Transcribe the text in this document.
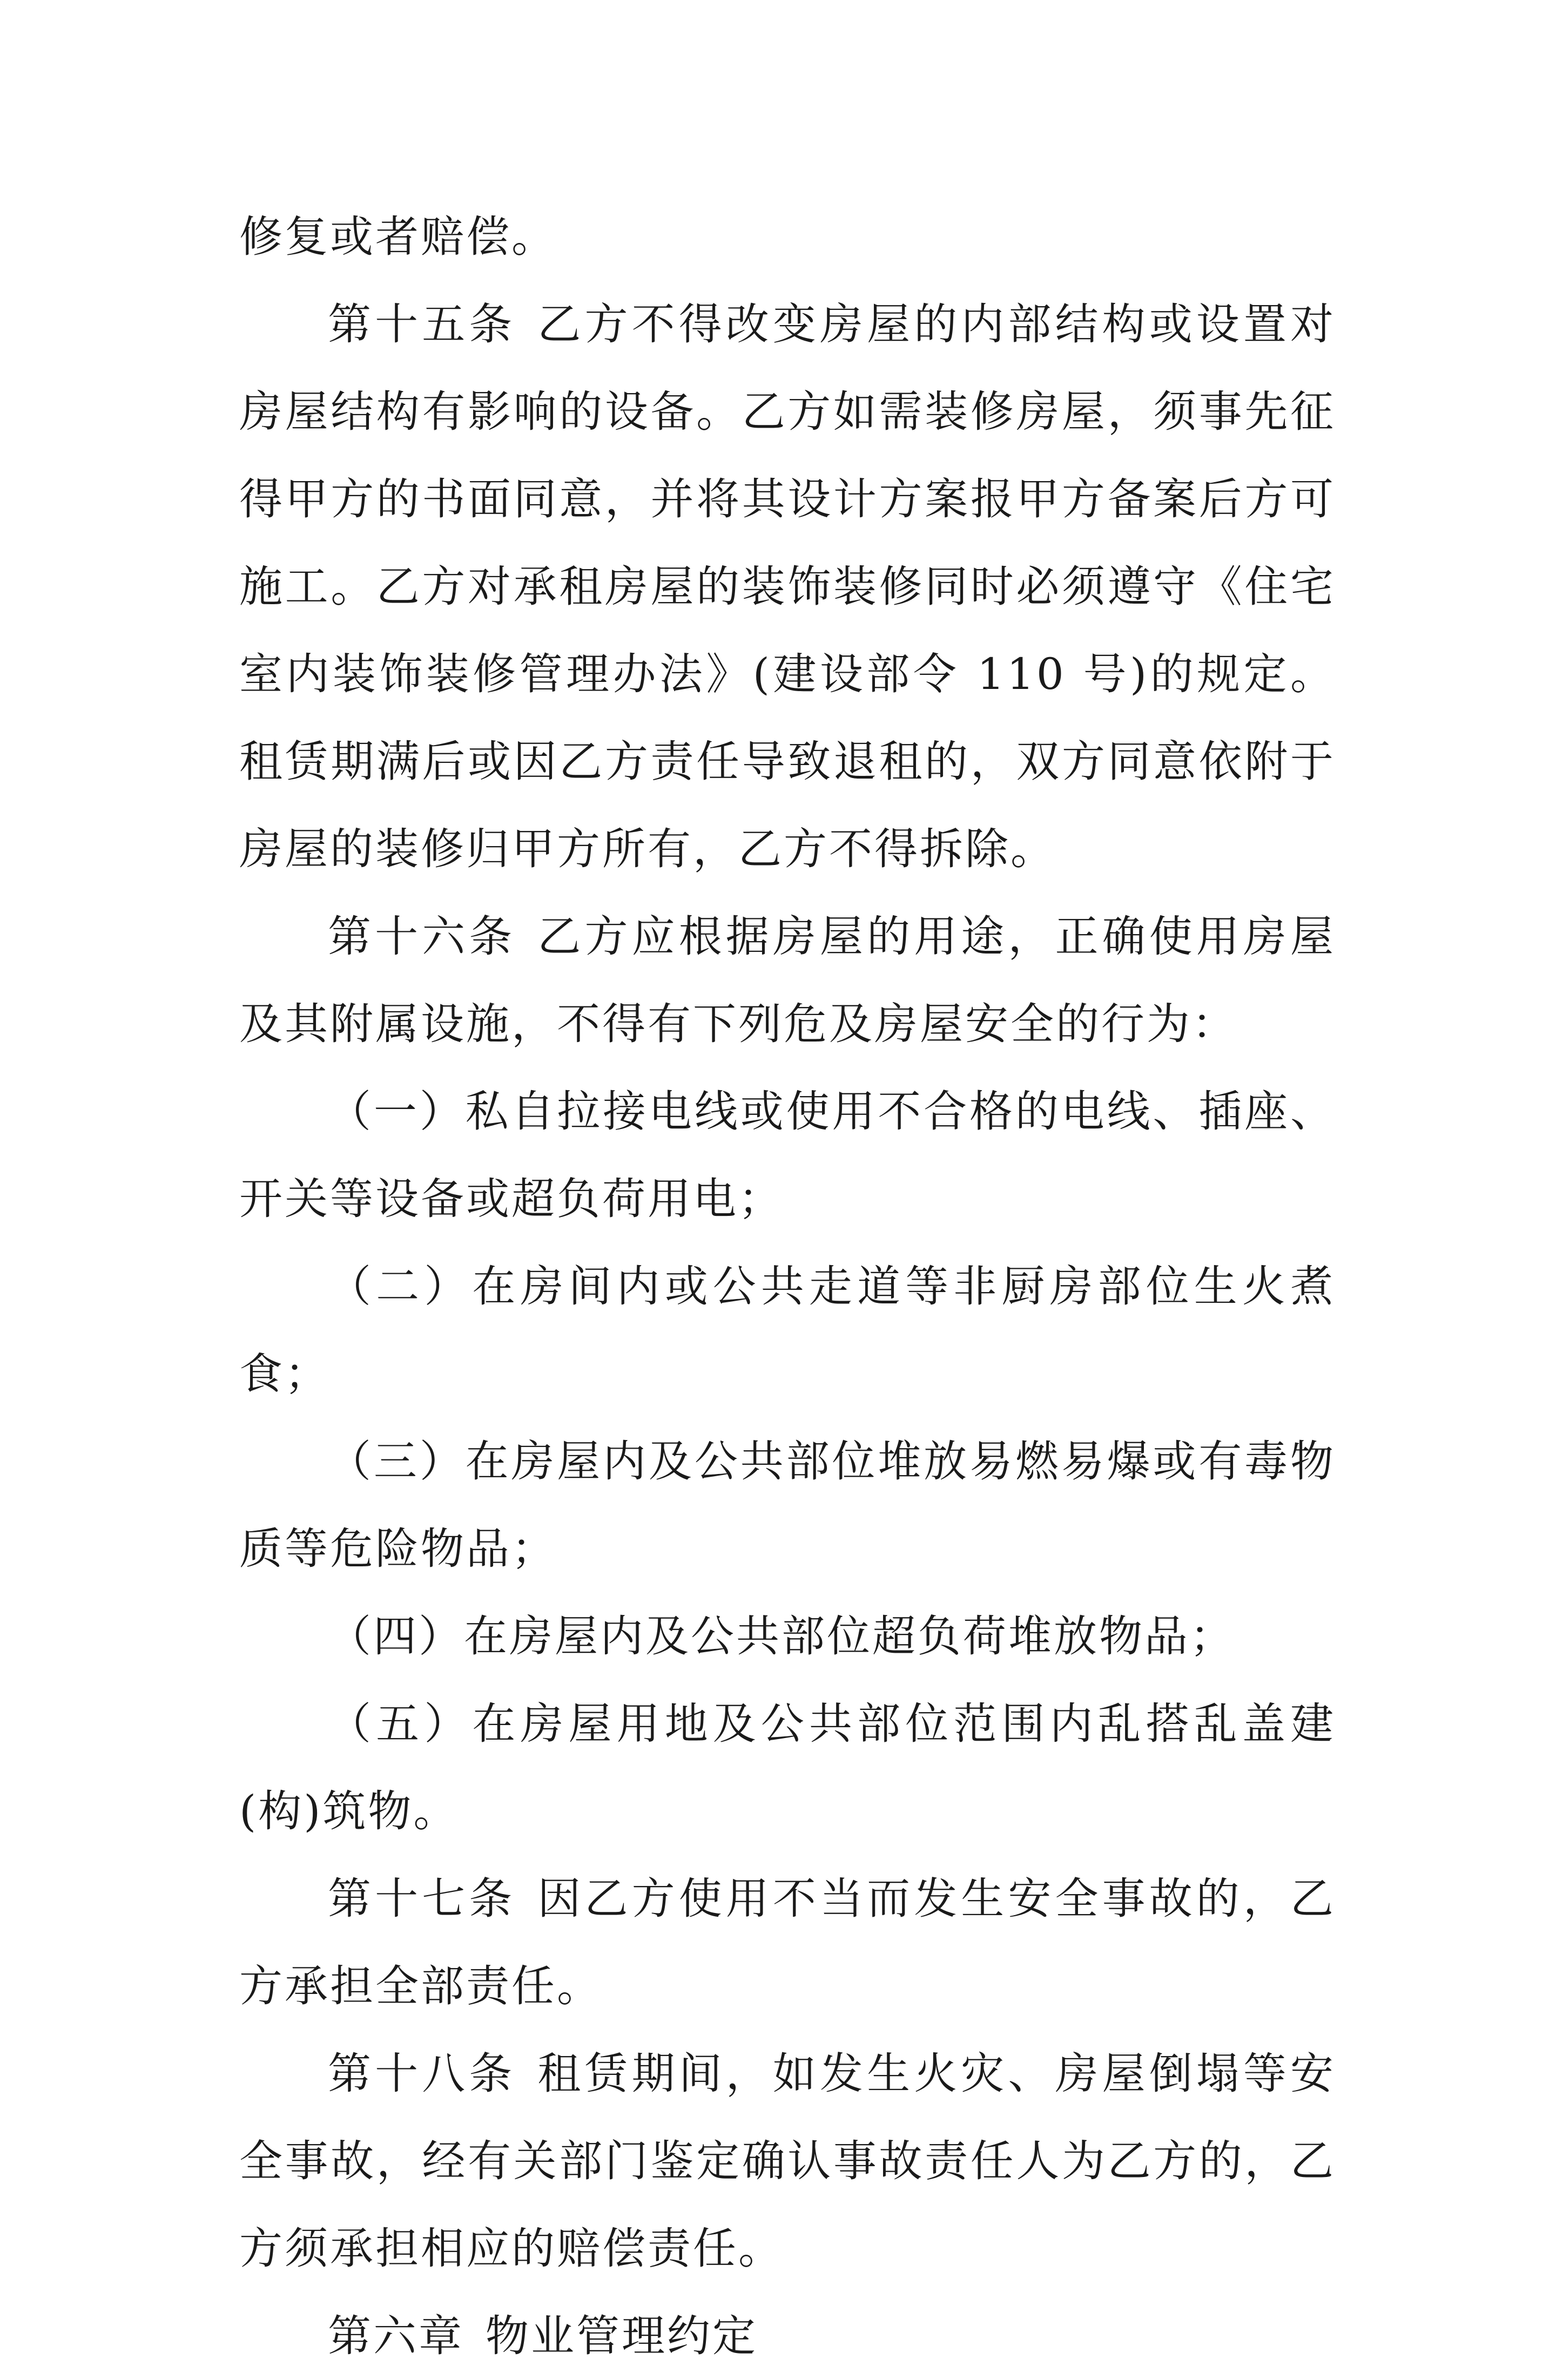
修复或者赔偿。

第十五条 乙方不得改变房屋的内部结构或设置对房屋结构有影响的设备。乙方如需装修房屋，须事先征得甲方的书面同意，并将其设计方案报甲方备案后方可施工。乙方对承租房屋的装饰装修同时必须遵守《住宅室内装饰装修管理办法》(建设部令 110 号)的规定。租赁期满后或因乙方责任导致退租的，双方同意依附于房屋的装修归甲方所有，乙方不得拆除。

第十六条 乙方应根据房屋的用途，正确使用房屋及其附属设施，不得有下列危及房屋安全的行为：

（一）私自拉接电线或使用不合格的电线、插座、开关等设备或超负荷用电；

（二）在房间内或公共走道等非厨房部位生火煮食；

（三）在房屋内及公共部位堆放易燃易爆或有毒物质等危险物品；

（四）在房屋内及公共部位超负荷堆放物品；

（五）在房屋用地及公共部位范围内乱搭乱盖建(构)筑物。

第十七条 因乙方使用不当而发生安全事故的，乙方承担全部责任。

第十八条 租赁期间，如发生火灾、房屋倒塌等安全事故，经有关部门鉴定确认事故责任人为乙方的，乙方须承担相应的赔偿责任。

第六章 物业管理约定
